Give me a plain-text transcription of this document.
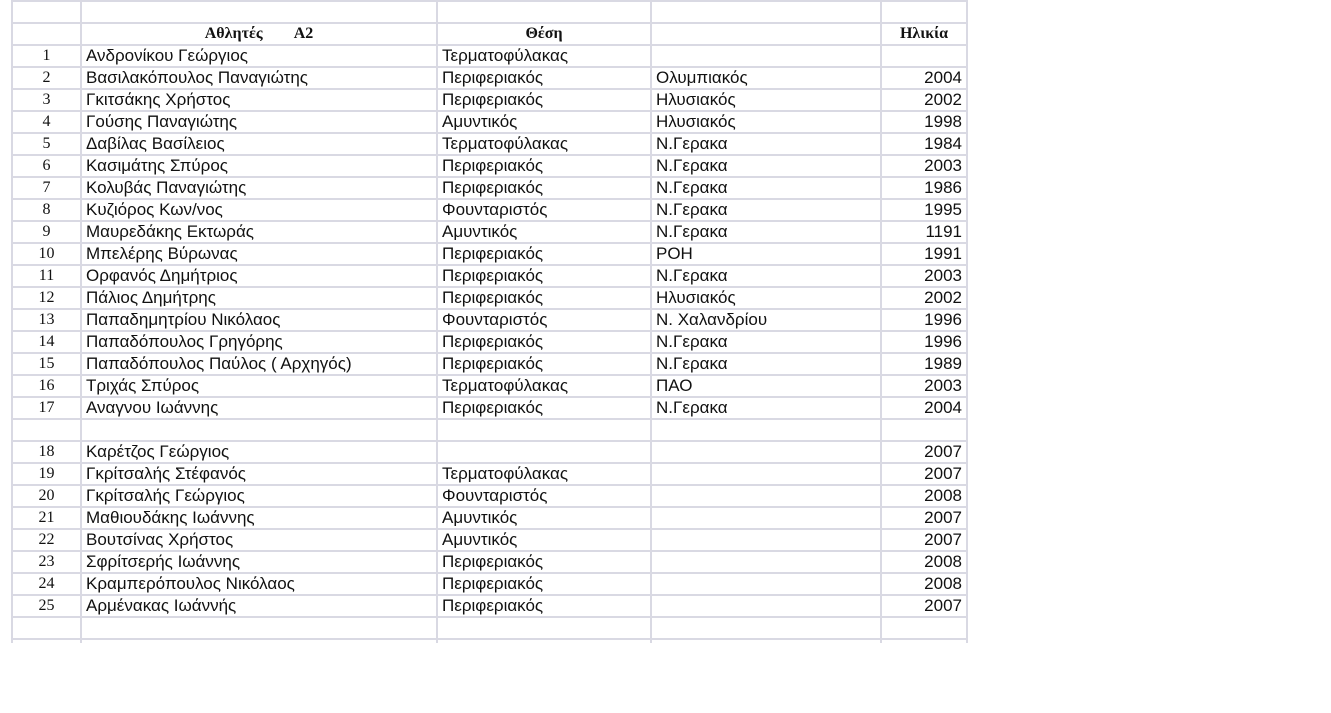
	Αθλητές Α2	Θέση		Ηλικία
1	Ανδρονίκου Γεώργιος	Τερματοφύλακας		
2	Βασιλακόπουλος Παναγιώτης	Περιφεριακός	Ολυμπιακός	2004
3	Γκιτσάκης Χρήστος	Περιφεριακός	Ηλυσιακός	2002
4	Γούσης Παναγιώτης	Αμυντικός	Ηλυσιακός	1998
5	Δαβίλας Βασίλειος	Τερματοφύλακας	Ν.Γερακα	1984
6	Κασιμάτης Σπύρος	Περιφεριακός	Ν.Γερακα	2003
7	Κολυβάς Παναγιώτης	Περιφεριακός	Ν.Γερακα	1986
8	Κυζιόρος Κων/νος	Φουνταριστός	Ν.Γερακα	1995
9	Μαυρεδάκης Εκτωράς	Αμυντικός	Ν.Γερακα	1191
10	Μπελέρης Βύρωνας	Περιφεριακός	ΡΟΗ	1991
11	Ορφανός Δημήτριος	Περιφεριακός	Ν.Γερακα	2003
12	Πάλιος Δημήτρης	Περιφεριακός	Ηλυσιακός	2002
13	Παπαδημητρίου Νικόλαος	Φουνταριστός	Ν. Χαλανδρίου	1996
14	Παπαδόπουλος Γρηγόρης	Περιφεριακός	Ν.Γερακα	1996
15	Παπαδόπουλος Παύλος ( Αρχηγός)	Περιφεριακός	Ν.Γερακα	1989
16	Τριχάς Σπύρος	Τερματοφύλακας	ΠΑΟ	2003
17	Αναγνου Ιωάννης	Περιφεριακός	Ν.Γερακα	2004

18	Καρέτζος Γεώργιος			2007
19	Γκρίτσαλής Στέφανός	Τερματοφύλακας		2007
20	Γκρίτσαλής Γεώργιος	Φουνταριστός		2008
21	Μαθιουδάκης Ιωάννης	Αμυντικός		2007
22	Βουτσίνας Χρήστος	Αμυντικός		2007
23	Σφρίτσερής Ιωάννης	Περιφεριακός		2008
24	Κραμπερόπουλος Νικόλαος	Περιφεριακός		2008
25	Αρμένακας Ιωάννής	Περιφεριακός		2007
